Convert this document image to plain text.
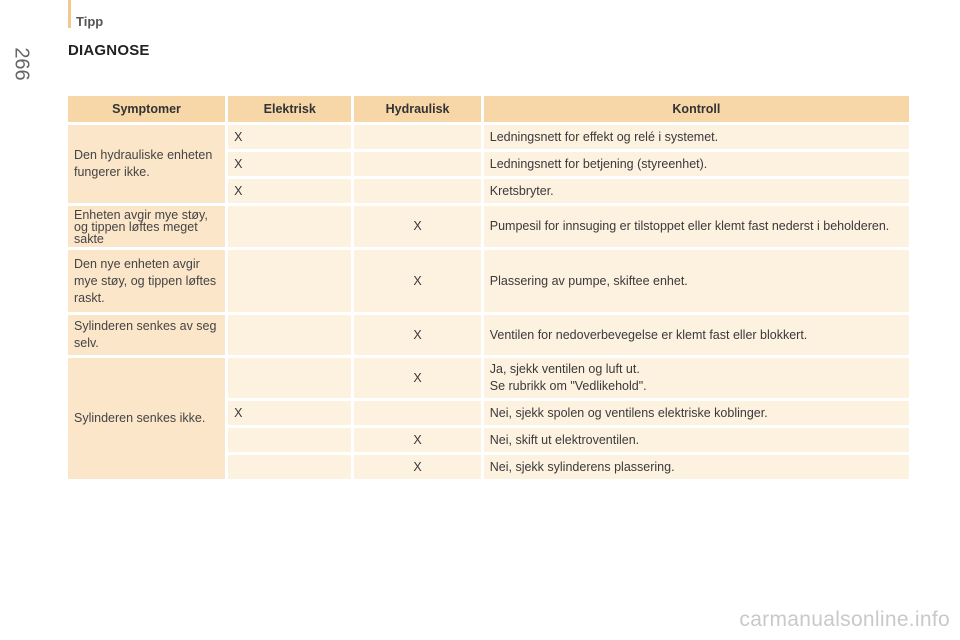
Tipp
266 DIAGNOSE
Symptomer	Elektrisk	Hydraulisk	Kontroll
Den hydrauliske enheten fungerer ikke.	X		Ledningsnett for effekt og relé i systemet.
	X		Ledningsnett for betjening (styreenhet).
	X		Kretsbryter.
Enheten avgir mye støy, og tippen løftes meget sakte		X	Pumpesil for innsuging er tilstoppet eller klemt fast nederst i beholderen.
Den nye enheten avgir mye støy, og tippen løftes raskt.		X	Plassering av pumpe, skiftee enhet.
Sylinderen senkes av seg selv.		X	Ventilen for nedoverbevegelse er klemt fast eller blokkert.
Sylinderen senkes ikke.		X	Ja, sjekk ventilen og luft ut.
Se rubrikk om "Vedlikehold".

	X		Nei, sjekk spolen og ventilens elektriske koblinger.
		X	Nei, skift ut elektroventilen.
		X	Nei, sjekk sylinderens plassering.
carmanualsonline.info
